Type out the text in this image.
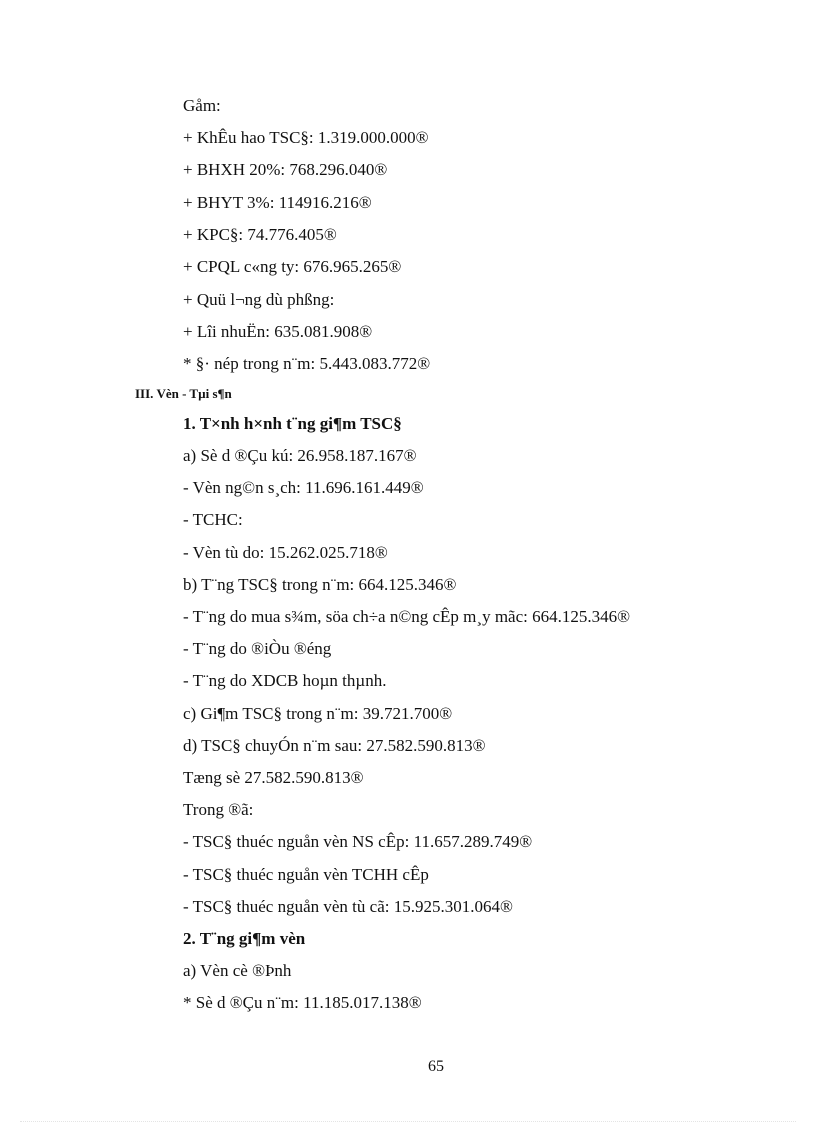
Gåm:
+ KhÊu hao TSC§: 1.319.000.000®
+ BHXH 20%: 768.296.040®
+ BHYT 3%: 114916.216®
+ KPC§: 74.776.405®
+ CPQL c«ng ty: 676.965.265®
+ Quü l¬ng dù phßng:
+ Lîi nhuËn: 635.081.908®
* §· nép trong n¨m: 5.443.083.772®
III. Vèn - Tµi s¶n
1. T×nh h×nh t¨ng gi¶m TSC§
a) Sè d ®Çu kú: 26.958.187.167®
- Vèn ng©n s¸ch: 11.696.161.449®
- TCHC:
- Vèn tù do: 15.262.025.718®
b) T¨ng TSC§ trong n¨m: 664.125.346®
- T¨ng do mua s¾m, söa ch÷a n©ng cÊp m¸y mãc: 664.125.346®
- T¨ng do ®iÒu ®éng
- T¨ng do XDCB hoµn thµnh.
c) Gi¶m TSC§ trong n¨m: 39.721.700®
d) TSC§ chuyÓn n¨m sau: 27.582.590.813®
Tæng sè 27.582.590.813®
Trong ®ã:
- TSC§ thuéc nguån vèn NS cÊp: 11.657.289.749®
- TSC§ thuéc nguån vèn TCHH cÊp
- TSC§ thuéc nguån vèn tù cã: 15.925.301.064®
2. T¨ng gi¶m vèn
a) Vèn cè ®Þnh
* Sè d ®Çu n¨m: 11.185.017.138®
65
